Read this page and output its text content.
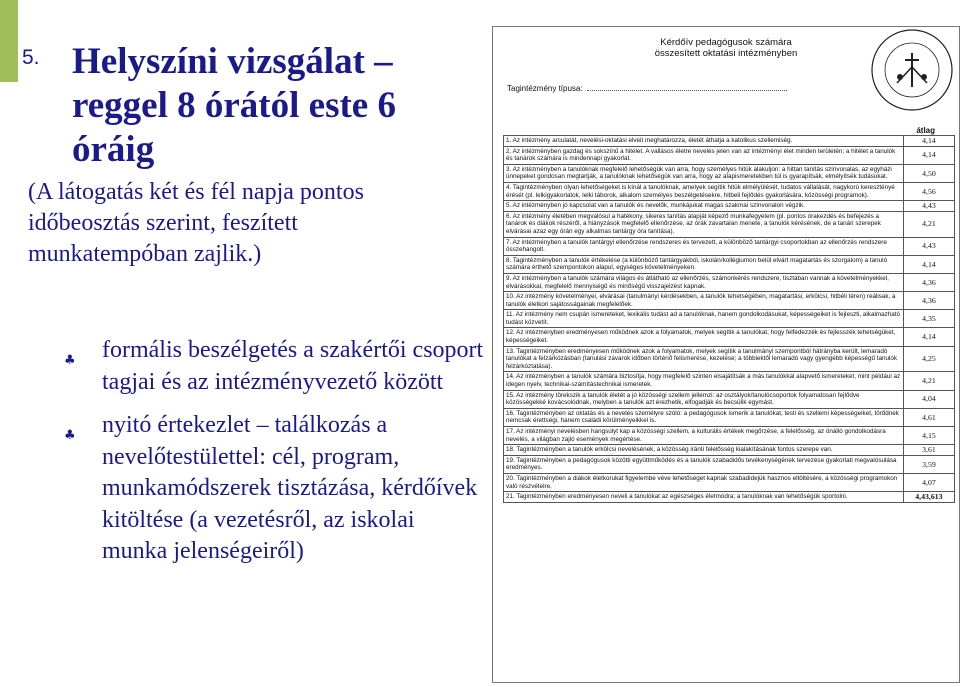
5. Helyszíni vizsgálat – reggel 8 órától este 6 óráig
(A látogatás két és fél napja pontos időbeosztás szerint, feszített munkatempóban zajlik.)
♣ formális beszélgetés a szakértői csoport tagjai és az intézményvezető között
♣ nyitó értekezlet – találkozás a nevelőtestülettel: cél, program, munkamódszerek tisztázása, kérdőívek kitöltése (a vezetésről, az iskolai munka jelenségeiről)
Kérdőív pedagógusok számára
összesített oktatási intézményben
Tagintézmény típusa:
átlag
1. Az intézmény arculatát, nevelési-oktatási elveit meghatározza, életét áthatja a katolikus szellemiség.	4,14
2. Az intézményben gazdag és sokszínű a hitélet. A vallásos életre nevelés jelen van az intézményi élet minden területén; a hitélet a tanulók és tanárok számára is mindennapi gyakorlat.	4,14
3. Az intézményben a tanulóknak megfelelő lehetőségük van arra, hogy személyes hitük alakuljon: a hittan tanítás színvonalas, az egyházi ünnepeket gondosan megtartják, a tanulóknak lehetőségük van arra, hogy az alapismeretekben túl is gyarapítsák, elmélyítsék tudásukat.	4,50
4. Tagintézményben olyan lehetőségeket is kínál a tanulóknak, amelyek segítik hitük elmélyülését, tudatos vállalását, nagykorú keresztényé érését (pl. lelkigyakorlatok, lelki táborok, alkalom személyes beszélgetésekre, hitbeli fejlődés gyakorlására, közösségi programok).	4,56
5. Az intézményben jó kapcsolat van a tanulók és nevelők, munkájukat magas szakmai színvonalon végzik.	4,43
6. Az intézmény életében megvalósul a hatékony, sikeres tanítás alapját képező munkafegyelem (pl. pontos órakezdés és befejezés a tanárok és diákok részéről, a hiányzások megfelelő ellenőrzése, az órák zavartalan menete, a tanulók kérésének, de a tanári szerepek elvárásai azaz egy órán egy alkalmas tantárgy óra tanítása).	4,21
7. Az intézményben a tanulók tantárgyi ellenőrzése rendszeres és tervezett, a különböző tantárgyi csoportokban az ellenőrzés rendszere összehangolt.	4,43
8. Tagintézményben a tanulók értékelése (a különböző tantárgyakból, iskolán/kollégiumon belül elvárt magatartás és szorgalom) a tanuló számára érthető szempontokon alapul, egységes követelményeken.	4,14
9. Az intézményben a tanulók számára világos és átlátható az ellenőrzés, számonkérés rendszere, tisztában vannak a követelményekkel, elvárásokkal, megfelelő mennyiségű és minőségű visszajelzést kapnak.	4,36
10. Az intézmény követelményei, elvárásai (tanulmányi kérdésekben, a tanulók tehetségében, magatartási, erkölcsi, hitbéli téren) reálisak, a tanulók életkori sajátosságainak megfelelőek.	4,36
11. Az intézmény nem csupán ismereteket, lexikális tudást ad a tanulóknak, hanem gondolkodásukat, képességeiket is fejleszti, alkalmazható tudást közvetít.	4,35
12. Az intézményben eredményesen működnek azok a folyamatok, melyek segítik a tanulókat, hogy felfedezzék és fejlesszék tehetségüket, képességeiket.	4,14
13. Tagintézményben eredményesen működnek azok a folyamatok, melyek segítik a tanulmányi szempontból hátrányba került, lemaradó tanulókat a felzárkózásban (tanulási zavarok időben történő felismerése, kezelése; a többiektől lemaradó vagy gyengébb képességű tanulók felzárkóztatása).	4,25
14. Az intézményben a tanulók számára biztosítja, hogy megfelelő szinten elsajátítsák a más tanulókkal alapvető ismereteket, mint például az idegen nyelv, technikai-számítástechnikai ismeretek.	4,21
15. Az intézmény törekszik a tanulók életét a jó közösségi szellem jellemzi: az osztályok/tanulócsoportok folyamatosan fejlődve közösségekké kovácsolódnak, melyben a tanulók azt érezhetik, elfogadják és becsülik egymást.	4,04
16. Tagintézményben az oktatás és a nevelés személyre szóló: a pedagógusok ismerik a tanulókat, testi és szellemi képességeiket, törődnek nemcsak érettségi, hanem családi körülményeikkel is.	4,61
17. Az intézményi nevelésben hangsúlyt kap a közösségi szellem, a kulturális értékek megőrzése, a felelősség, az önálló gondolkodásra nevelés, a világban zajló események megértése.	4,15
18. Tagintézményben a tanulók erkölcsi nevelésének, a közösség iránti felelősség kialakításának fontos szerepe van.	3,61
19. Tagintézményben a pedagógusok közötti együttműködés és a tanulók szabadidős tevékenységének tervezése gyakorlati megvalósulása eredményes.	3,59
20. Tagintézményben a diákok életkorukat figyelembe véve lehetőséget kapnak szabadidejük hasznos eltöltésére, a közösségi programokon való részvételre.	4,07
21. Tagintézményben eredményesen neveli a tanulókat az egészséges életmódra; a tanulóknak van lehetőségük sportolni.	4,43,613
